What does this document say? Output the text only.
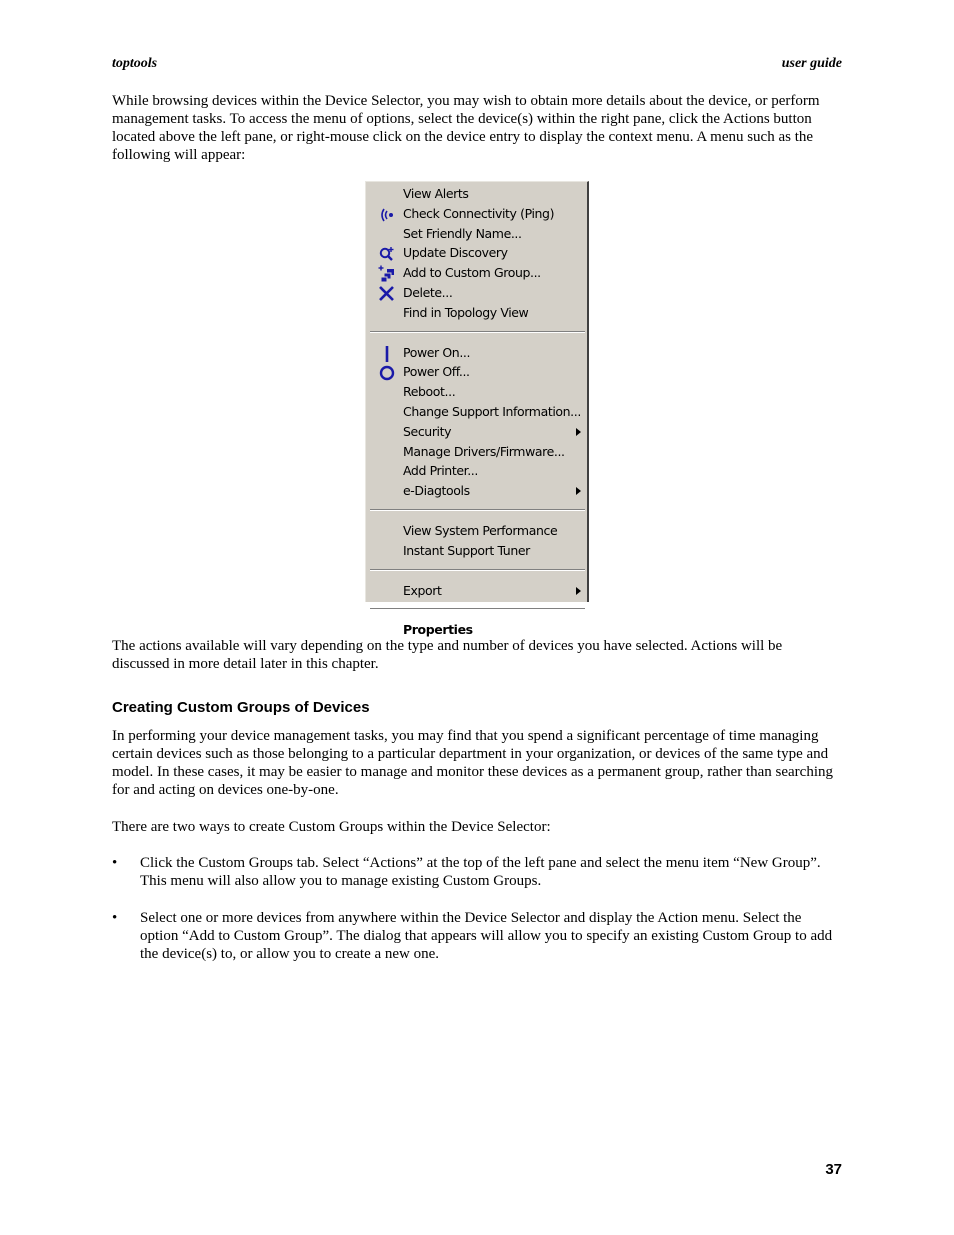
toptools	user guide

While browsing devices within the Device Selector, you may wish to obtain more details about the device, or perform management tasks. To access the menu of options, select the device(s) within the right pane, click the Actions button located above the left pane, or right-mouse click on the device entry to display the context menu. A menu such as the following will appear:

View Alerts
Check Connectivity (Ping)
Set Friendly Name...
Update Discovery
Add to Custom Group...
Delete...
Find in Topology View
Power On...
Power Off...
Reboot...
Change Support Information...
Security
Manage Drivers/Firmware...
Add Printer...
e-Diagtools
View System Performance
Instant Support Tuner
Export
Properties

The actions available will vary depending on the type and number of devices you have selected. Actions will be discussed in more detail later in this chapter.

Creating Custom Groups of Devices

In performing your device management tasks, you may find that you spend a significant percentage of time managing certain devices such as those belonging to a particular department in your organization, or devices of the same type and model. In these cases, it may be easier to manage and monitor these devices as a permanent group, rather than searching for and acting on devices one-by-one.

There are two ways to create Custom Groups within the Device Selector:

• Click the Custom Groups tab. Select “Actions” at the top of the left pane and select the menu item “New Group”. This menu will also allow you to manage existing Custom Groups.

• Select one or more devices from anywhere within the Device Selector and display the Action menu. Select the option “Add to Custom Group”. The dialog that appears will allow you to specify an existing Custom Group to add the device(s) to, or allow you to create a new one.

37
